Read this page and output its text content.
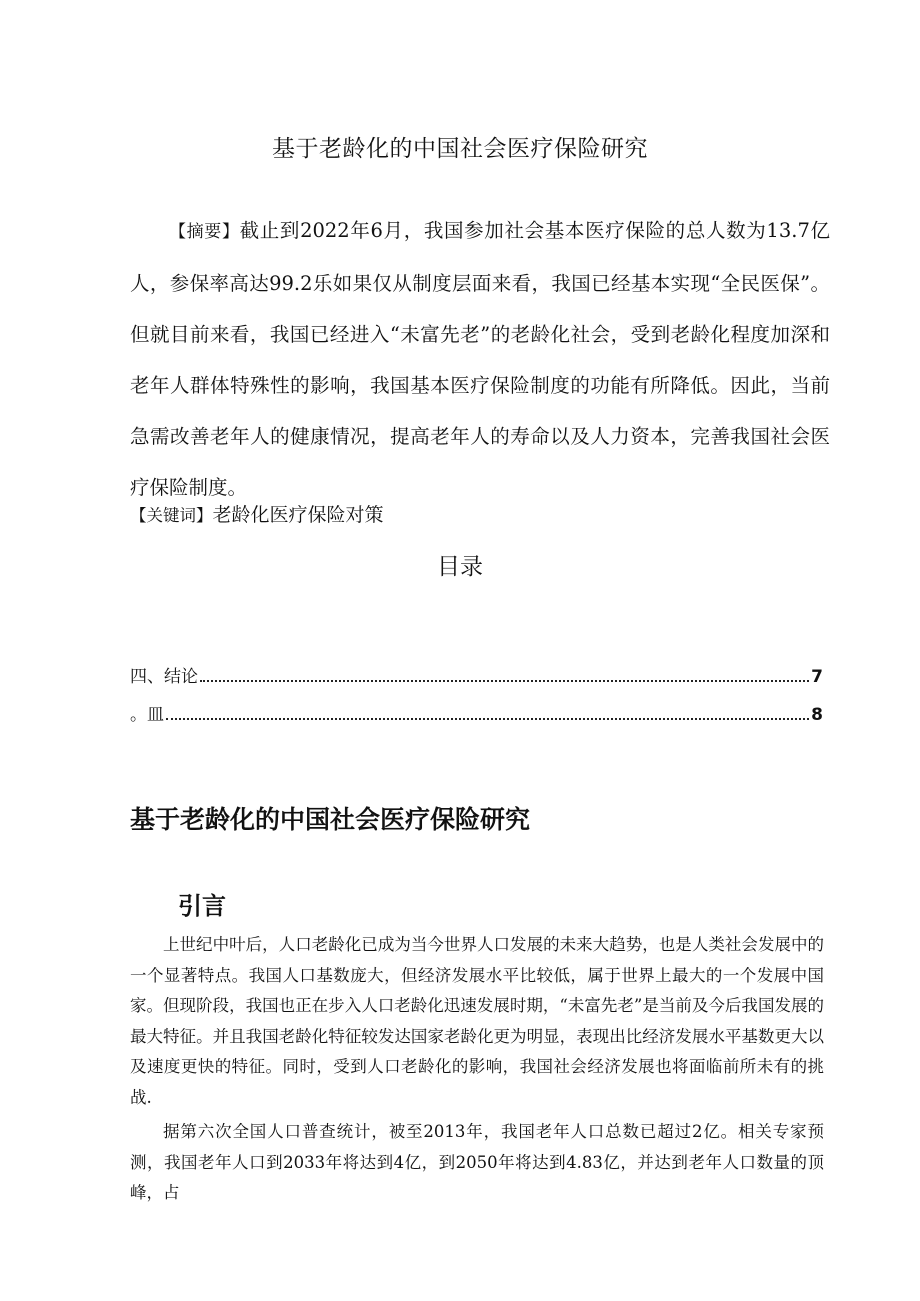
基于老龄化的中国社会医疗保险研究

【摘要】截止到2022年6月，我国参加社会基本医疗保险的总人数为13.7亿人，参保率高达99.2乐如果仅从制度层面来看，我国已经基本实现“全民医保”。但就目前来看，我国已经进入“未富先老”的老龄化社会，受到老龄化程度加深和老年人群体特殊性的影响，我国基本医疗保险制度的功能有所降低。因此，当前急需改善老年人的健康情况，提高老年人的寿命以及人力资本，完善我国社会医疗保险制度。

【关键词】老龄化医疗保险对策

目录
四、结论	7
。皿	8
基于老龄化的中国社会医疗保险研究
引言

上世纪中叶后，人口老龄化已成为当今世界人口发展的未来大趋势，也是人类社会发展中的一个显著特点。我国人口基数庞大，但经济发展水平比较低，属于世界上最大的一个发展中国家。但现阶段，我国也正在步入人口老龄化迅速发展时期，“未富先老”是当前及今后我国发展的最大特征。并且我国老龄化特征较发达国家老龄化更为明显，表现出比经济发展水平基数更大以及速度更快的特征。同时，受到人口老龄化的影响，我国社会经济发展也将面临前所未有的挑战.

据第六次全国人口普查统计，被至2013年，我国老年人口总数已超过2亿。相关专家预测，我国老年人口到2033年将达到4亿，到2050年将达到4.83亿，并达到老年人口数量的顶峰，占
